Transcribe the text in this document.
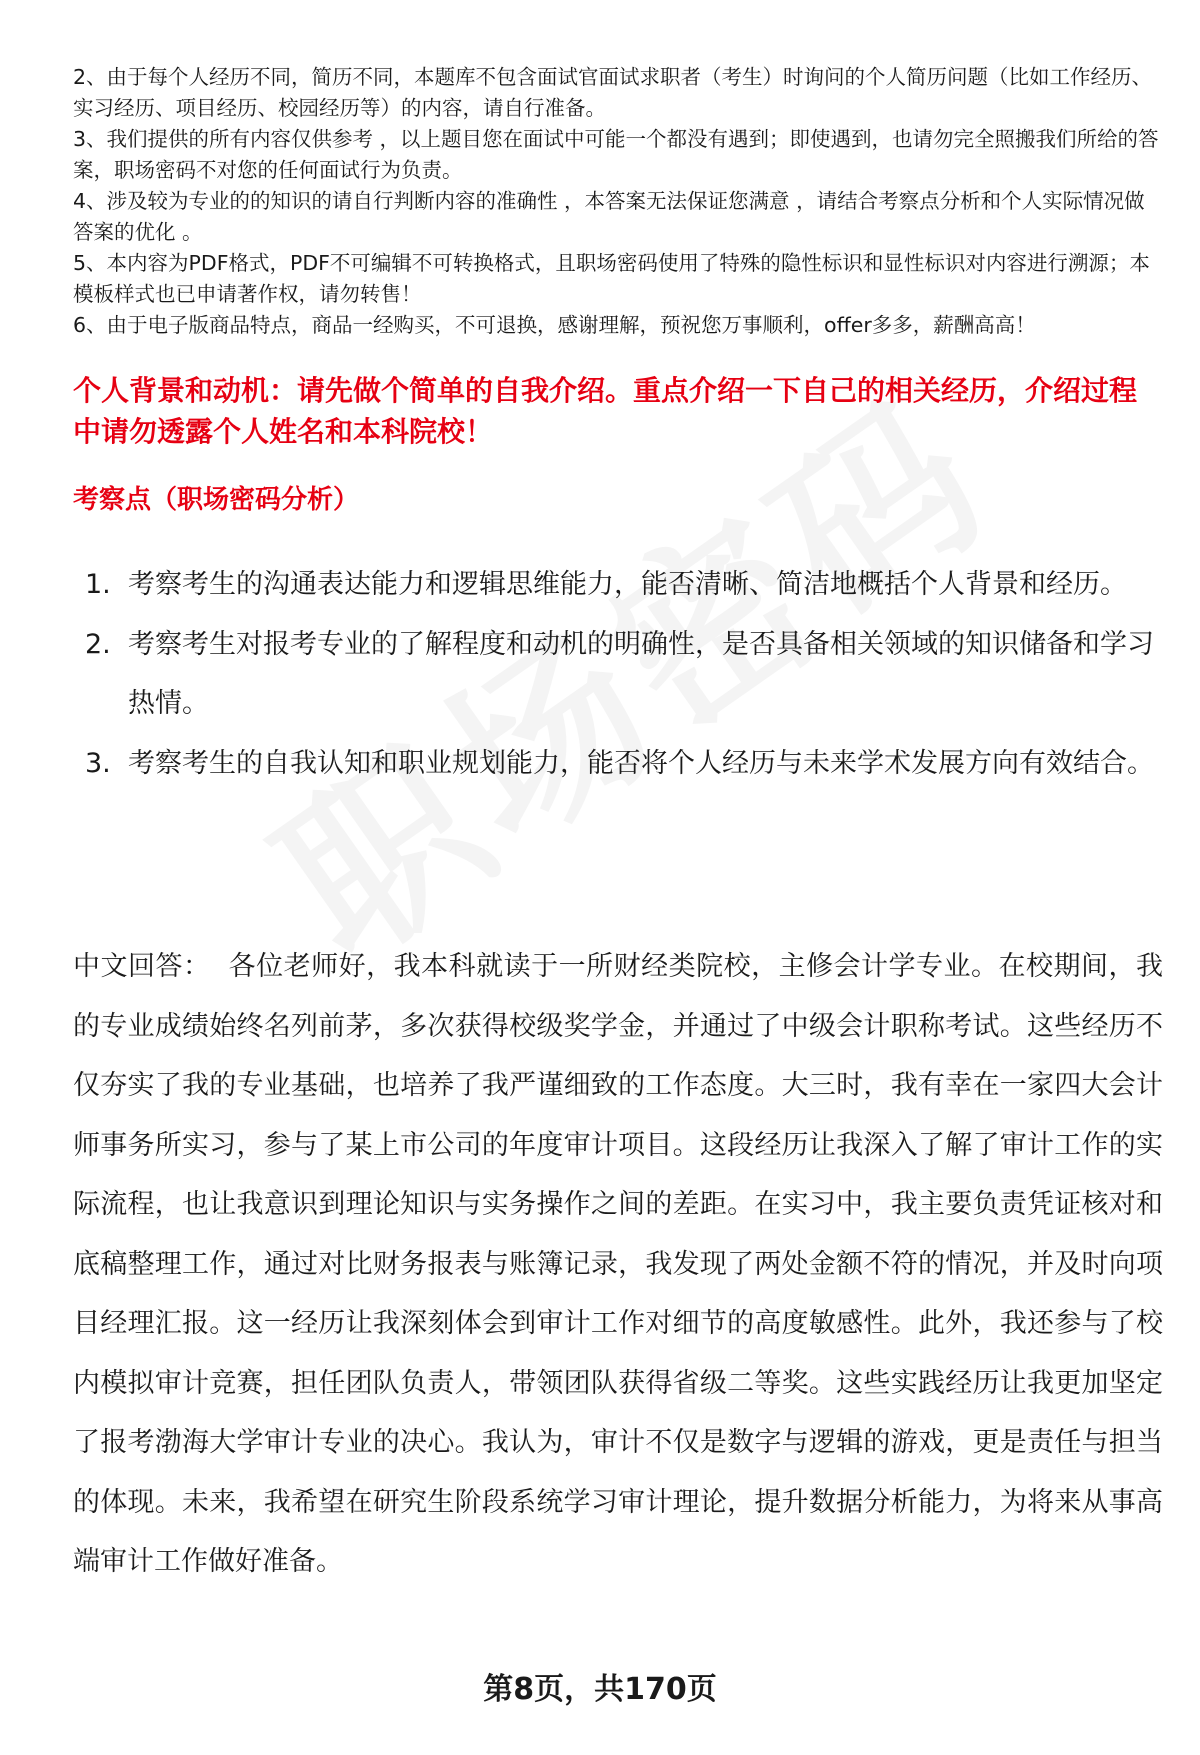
2、由于每个人经历不同，简历不同，本题库不包含面试官面试求职者（考生）时询问的个人简历问题（比如工作经历、实习经历、项目经历、校园经历等）的内容，请自行准备。

3、我们提供的所有内容仅供参考 ，以上题目您在面试中可能一个都没有遇到；即使遇到，也请勿完全照搬我们所给的答案，职场密码不对您的任何面试行为负责。

4、涉及较为专业的的知识的请自行判断内容的准确性 ，本答案无法保证您满意 ，请结合考察点分析和个人实际情况做答案的优化 。

5、本内容为PDF格式，PDF不可编辑不可转换格式，且职场密码使用了特殊的隐性标识和显性标识对内容进行溯源；本模板样式也已申请著作权，请勿转售！

6、由于电子版商品特点，商品一经购买，不可退换，感谢理解，预祝您万事顺利，offer多多，薪酬高高！

个人背景和动机：请先做个简单的自我介绍。重点介绍一下自己的相关经历，介绍过程中请勿透露个人姓名和本科院校！
考察点（职场密码分析）
1. 考察考生的沟通表达能力和逻辑思维能力，能否清晰、简洁地概括个人背景和经历。
2. 考察考生对报考专业的了解程度和动机的明确性，是否具备相关领域的知识储备和学习热情。
3. 考察考生的自我认知和职业规划能力，能否将个人经历与未来学术发展方向有效结合。
中文回答： 各位老师好，我本科就读于一所财经类院校，主修会计学专业。在校期间，我的专业成绩始终名列前茅，多次获得校级奖学金，并通过了中级会计职称考试。这些经历不仅夯实了我的专业基础，也培养了我严谨细致的工作态度。大三时，我有幸在一家四大会计师事务所实习，参与了某上市公司的年度审计项目。这段经历让我深入了解了审计工作的实际流程，也让我意识到理论知识与实务操作之间的差距。在实习中，我主要负责凭证核对和底稿整理工作，通过对比财务报表与账簿记录，我发现了两处金额不符的情况，并及时向项目经理汇报。这一经历让我深刻体会到审计工作对细节的高度敏感性。此外，我还参与了校内模拟审计竞赛，担任团队负责人，带领团队获得省级二等奖。这些实践经历让我更加坚定了报考渤海大学审计专业的决心。我认为，审计不仅是数字与逻辑的游戏，更是责任与担当的体现。未来，我希望在研究生阶段系统学习审计理论，提升数据分析能力，为将来从事高端审计工作做好准备。
第8页，共170页
